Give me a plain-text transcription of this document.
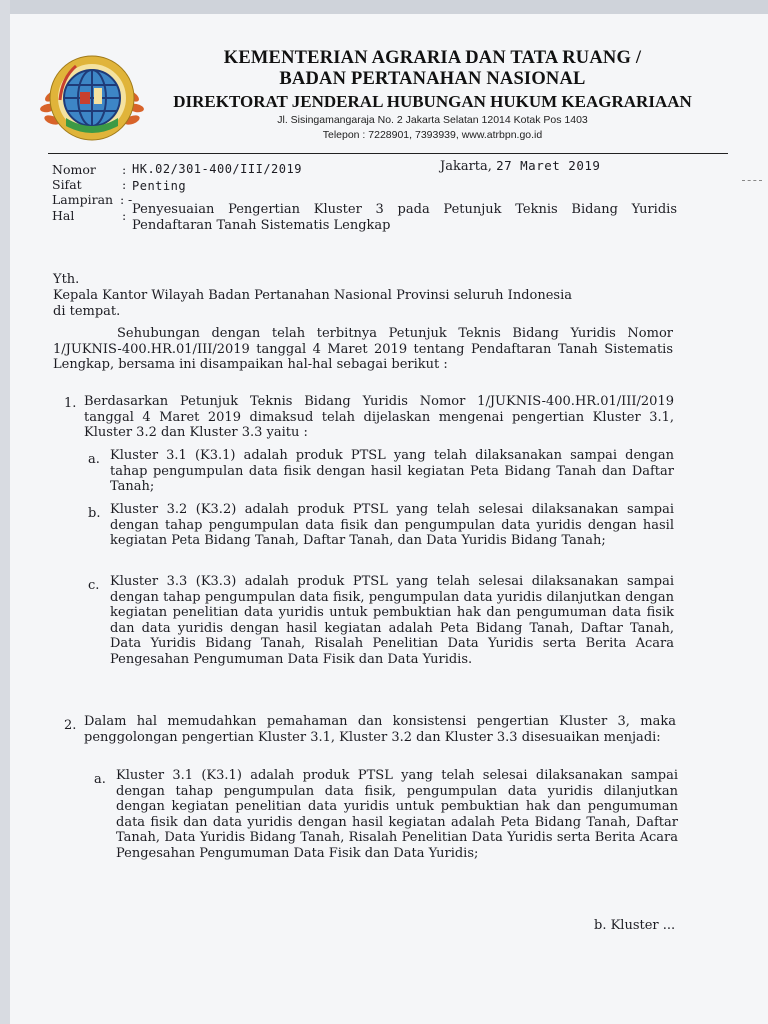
KEMENTERIAN AGRARIA DAN TATA RUANG /
BADAN PERTANAHAN NASIONAL
DIREKTORAT JENDERAL HUBUNGAN HUKUM KEAGRARIAAN
Jl. Sisingamangaraja No. 2 Jakarta Selatan 12014 Kotak Pos 1403
Telepon : 7228901, 7393939, www.atrbpn.go.id
Nomor	: HK.02/301-400/III/2019
Sifat	: Penting
Lampiran : -
Hal	: Penyesuaian Pengertian Kluster 3 pada Petunjuk Teknis Bidang Yuridis Pendaftaran Tanah Sistematis Lengkap
Jakarta, 27 Maret 2019
Yth.
Kepala Kantor Wilayah Badan Pertanahan Nasional Provinsi seluruh Indonesia
di tempat.
Sehubungan dengan telah terbitnya Petunjuk Teknis Bidang Yuridis Nomor 1/JUKNIS-400.HR.01/III/2019 tanggal 4 Maret 2019 tentang Pendaftaran Tanah Sistematis Lengkap, bersama ini disampaikan hal-hal sebagai berikut :
1. Berdasarkan Petunjuk Teknis Bidang Yuridis Nomor 1/JUKNIS-400.HR.01/III/2019 tanggal 4 Maret 2019 dimaksud telah dijelaskan mengenai pengertian Kluster 3.1, Kluster 3.2 dan Kluster 3.3 yaitu :
a. Kluster 3.1 (K3.1) adalah produk PTSL yang telah dilaksanakan sampai dengan tahap pengumpulan data fisik dengan hasil kegiatan Peta Bidang Tanah dan Daftar Tanah;
b. Kluster 3.2 (K3.2) adalah produk PTSL yang telah selesai dilaksanakan sampai dengan tahap pengumpulan data fisik dan pengumpulan data yuridis dengan hasil kegiatan Peta Bidang Tanah, Daftar Tanah, dan Data Yuridis Bidang Tanah;
c. Kluster 3.3 (K3.3) adalah produk PTSL yang telah selesai dilaksanakan sampai dengan tahap pengumpulan data fisik, pengumpulan data yuridis dilanjutkan dengan kegiatan penelitian data yuridis untuk pembuktian hak dan pengumuman data fisik dan data yuridis dengan hasil kegiatan adalah Peta Bidang Tanah, Daftar Tanah, Data Yuridis Bidang Tanah, Risalah Penelitian Data Yuridis serta Berita Acara Pengesahan Pengumuman Data Fisik dan Data Yuridis.
2. Dalam hal memudahkan pemahaman dan konsistensi pengertian Kluster 3, maka penggolongan pengertian Kluster 3.1, Kluster 3.2 dan Kluster 3.3 disesuaikan menjadi:
a. Kluster 3.1 (K3.1) adalah produk PTSL yang telah selesai dilaksanakan sampai dengan tahap pengumpulan data fisik, pengumpulan data yuridis dilanjutkan dengan kegiatan penelitian data yuridis untuk pembuktian hak dan pengumuman data fisik dan data yuridis dengan hasil kegiatan adalah Peta Bidang Tanah, Daftar Tanah, Data Yuridis Bidang Tanah, Risalah Penelitian Data Yuridis serta Berita Acara Pengesahan Pengumuman Data Fisik dan Data Yuridis;
b. Kluster ...
